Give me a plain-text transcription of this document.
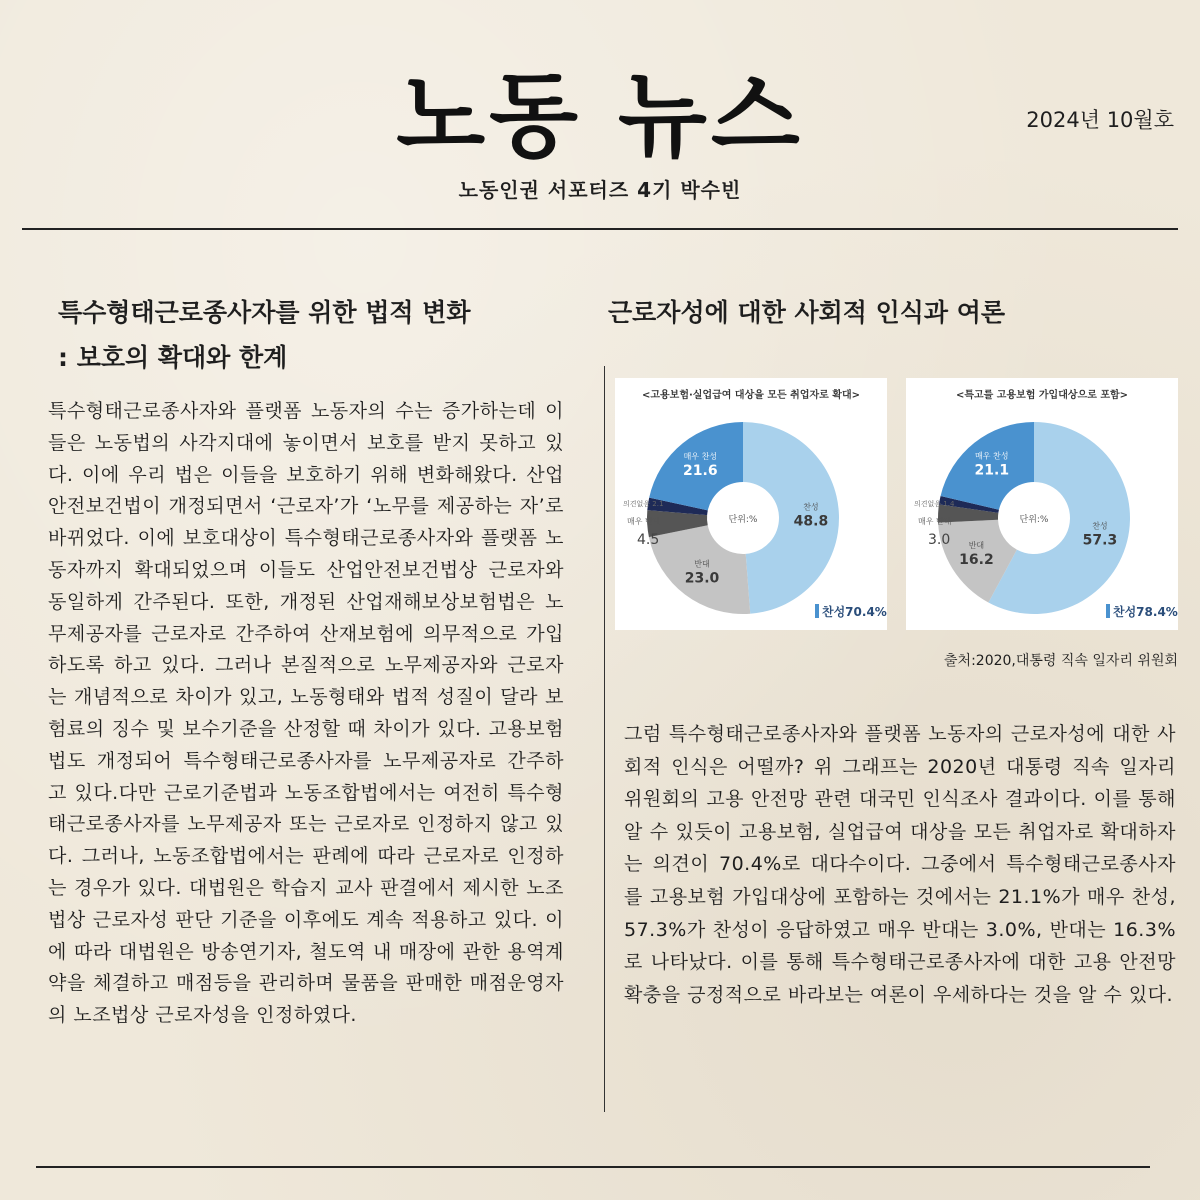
노동 뉴스	2024년 10월호
노동인권 서포터즈 4기 박수빈
특수형태근로종사자를 위한 법적 변화
: 보호의 확대와 한계
특수형태근로종사자와 플랫폼 노동자의 수는 증가하는데 이들은 노동법의 사각지대에 놓이면서 보호를 받지 못하고 있다. 이에 우리 법은 이들을 보호하기 위해 변화해왔다. 산업안전보건법이 개정되면서 ‘근로자’가 ‘노무를 제공하는 자’로 바뀌었다. 이에 보호대상이 특수형태근로종사자와 플랫폼 노동자까지 확대되었으며 이들도 산업안전보건법상 근로자와 동일하게 간주된다. 또한, 개정된 산업재해보상보험법은 노무제공자를 근로자로 간주하여 산재보험에 의무적으로 가입하도록 하고 있다. 그러나 본질적으로 노무제공자와 근로자는 개념적으로 차이가 있고, 노동형태와 법적 성질이 달라 보험료의 징수 및 보수기준을 산정할 때 차이가 있다. 고용보험법도 개정되어 특수형태근로종사자를 노무제공자로 간주하고 있다.다만 근로기준법과 노동조합법에서는 여전히 특수형태근로종사자를 노무제공자 또는 근로자로 인정하지 않고 있다. 그러나, 노동조합법에서는 판례에 따라 근로자로 인정하는 경우가 있다. 대법원은 학습지 교사 판결에서 제시한 노조법상 근로자성 판단 기준을 이후에도 계속 적용하고 있다. 이에 따라 대법원은 방송연기자, 철도역 내 매장에 관한 용역계약을 체결하고 매점등을 관리하며 물품을 판매한 매점운영자의 노조법상 근로자성을 인정하였다.
근로자성에 대한 사회적 인식과 여론
찬성
48.8
반대
23.0
매우 찬성
21.6
매우 반대
4.5
의견없음 2.1
단위:%
찬성70.4%
<고용보험·실업급여 대상을 모든 취업자로 확대>
찬성
57.3
반대
16.2
매우 찬성
21.1
매우 반대
3.0
의견없음 1.4
단위:%
찬성78.4%
<특고를 고용보험 가입대상으로 포함>
출처:2020,대통령 직속 일자리 위원회
그럼 특수형태근로종사자와 플랫폼 노동자의 근로자성에 대한 사회적 인식은 어떨까? 위 그래프는 2020년 대통령 직속 일자리 위원회의 고용 안전망 관련 대국민 인식조사 결과이다. 이를 통해 알 수 있듯이 고용보험, 실업급여 대상을 모든 취업자로 확대하자는 의견이 70.4%로 대다수이다. 그중에서 특수형태근로종사자를 고용보험 가입대상에 포함하는 것에서는 21.1%가 매우 찬성, 57.3%가 찬성이 응답하였고 매우 반대는 3.0%, 반대는 16.3%로 나타났다. 이를 통해 특수형태근로종사자에 대한 고용 안전망 확충을 긍정적으로 바라보는 여론이 우세하다는 것을 알 수 있다.
